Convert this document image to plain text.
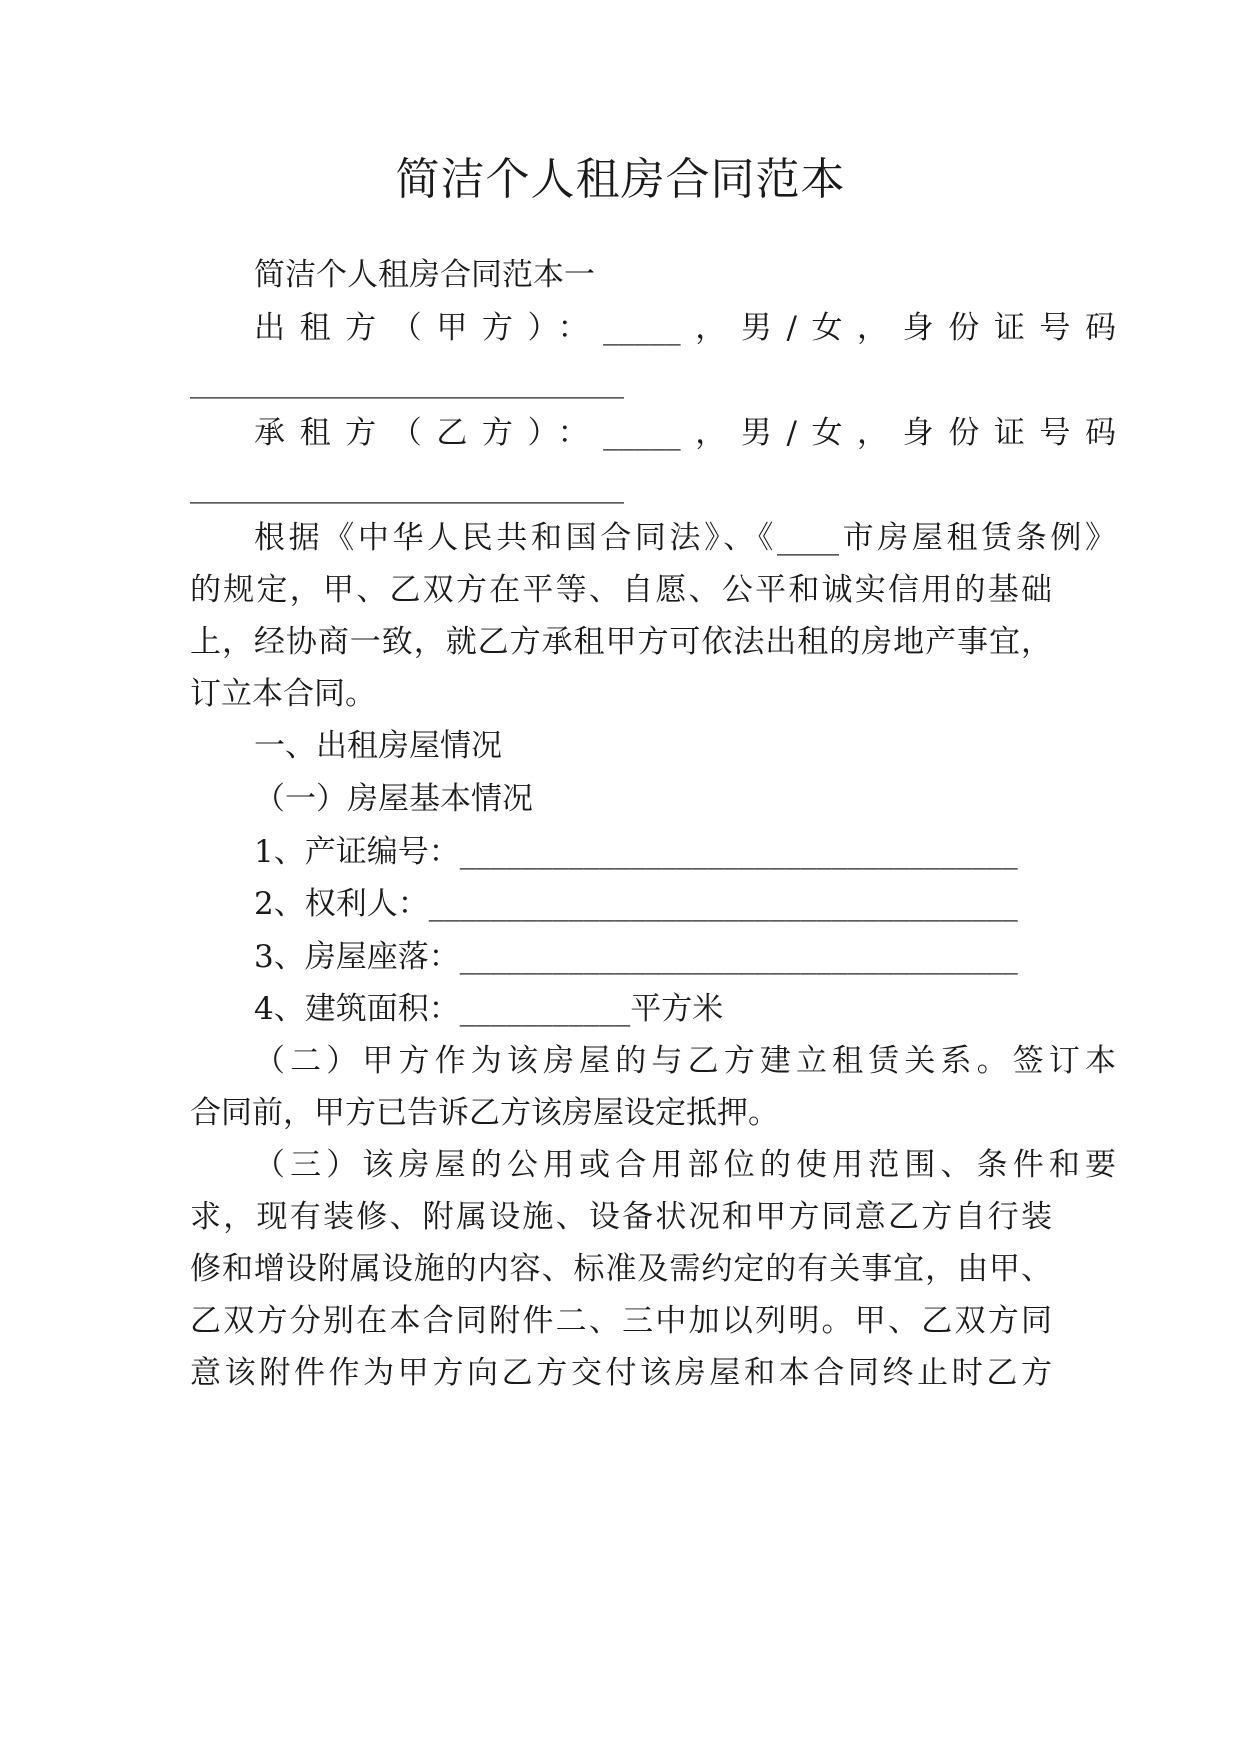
简洁个人租房合同范本
简洁个人租房合同范本一
出租方（甲方）：_____，男/女，身份证号码
____________________________
承租方（乙方）：_____，男/女，身份证号码
____________________________
根据《中华人民共和国合同法》、《____市房屋租赁条例》
的规定，甲、乙双方在平等、自愿、公平和诚实信用的基础
上，经协商一致，就乙方承租甲方可依法出租的房地产事宜，
订立本合同。
一、出租房屋情况
（一）房屋基本情况
1、产证编号：____________________________________
2、权利人：______________________________________
3、房屋座落：____________________________________
4、建筑面积：___________平方米
（二）甲方作为该房屋的与乙方建立租赁关系。签订本
合同前，甲方已告诉乙方该房屋设定抵押。
（三）该房屋的公用或合用部位的使用范围、条件和要
求，现有装修、附属设施、设备状况和甲方同意乙方自行装
修和增设附属设施的内容、标准及需约定的有关事宜，由甲、
乙双方分别在本合同附件二、三中加以列明。甲、乙双方同
意该附件作为甲方向乙方交付该房屋和本合同终止时乙方
